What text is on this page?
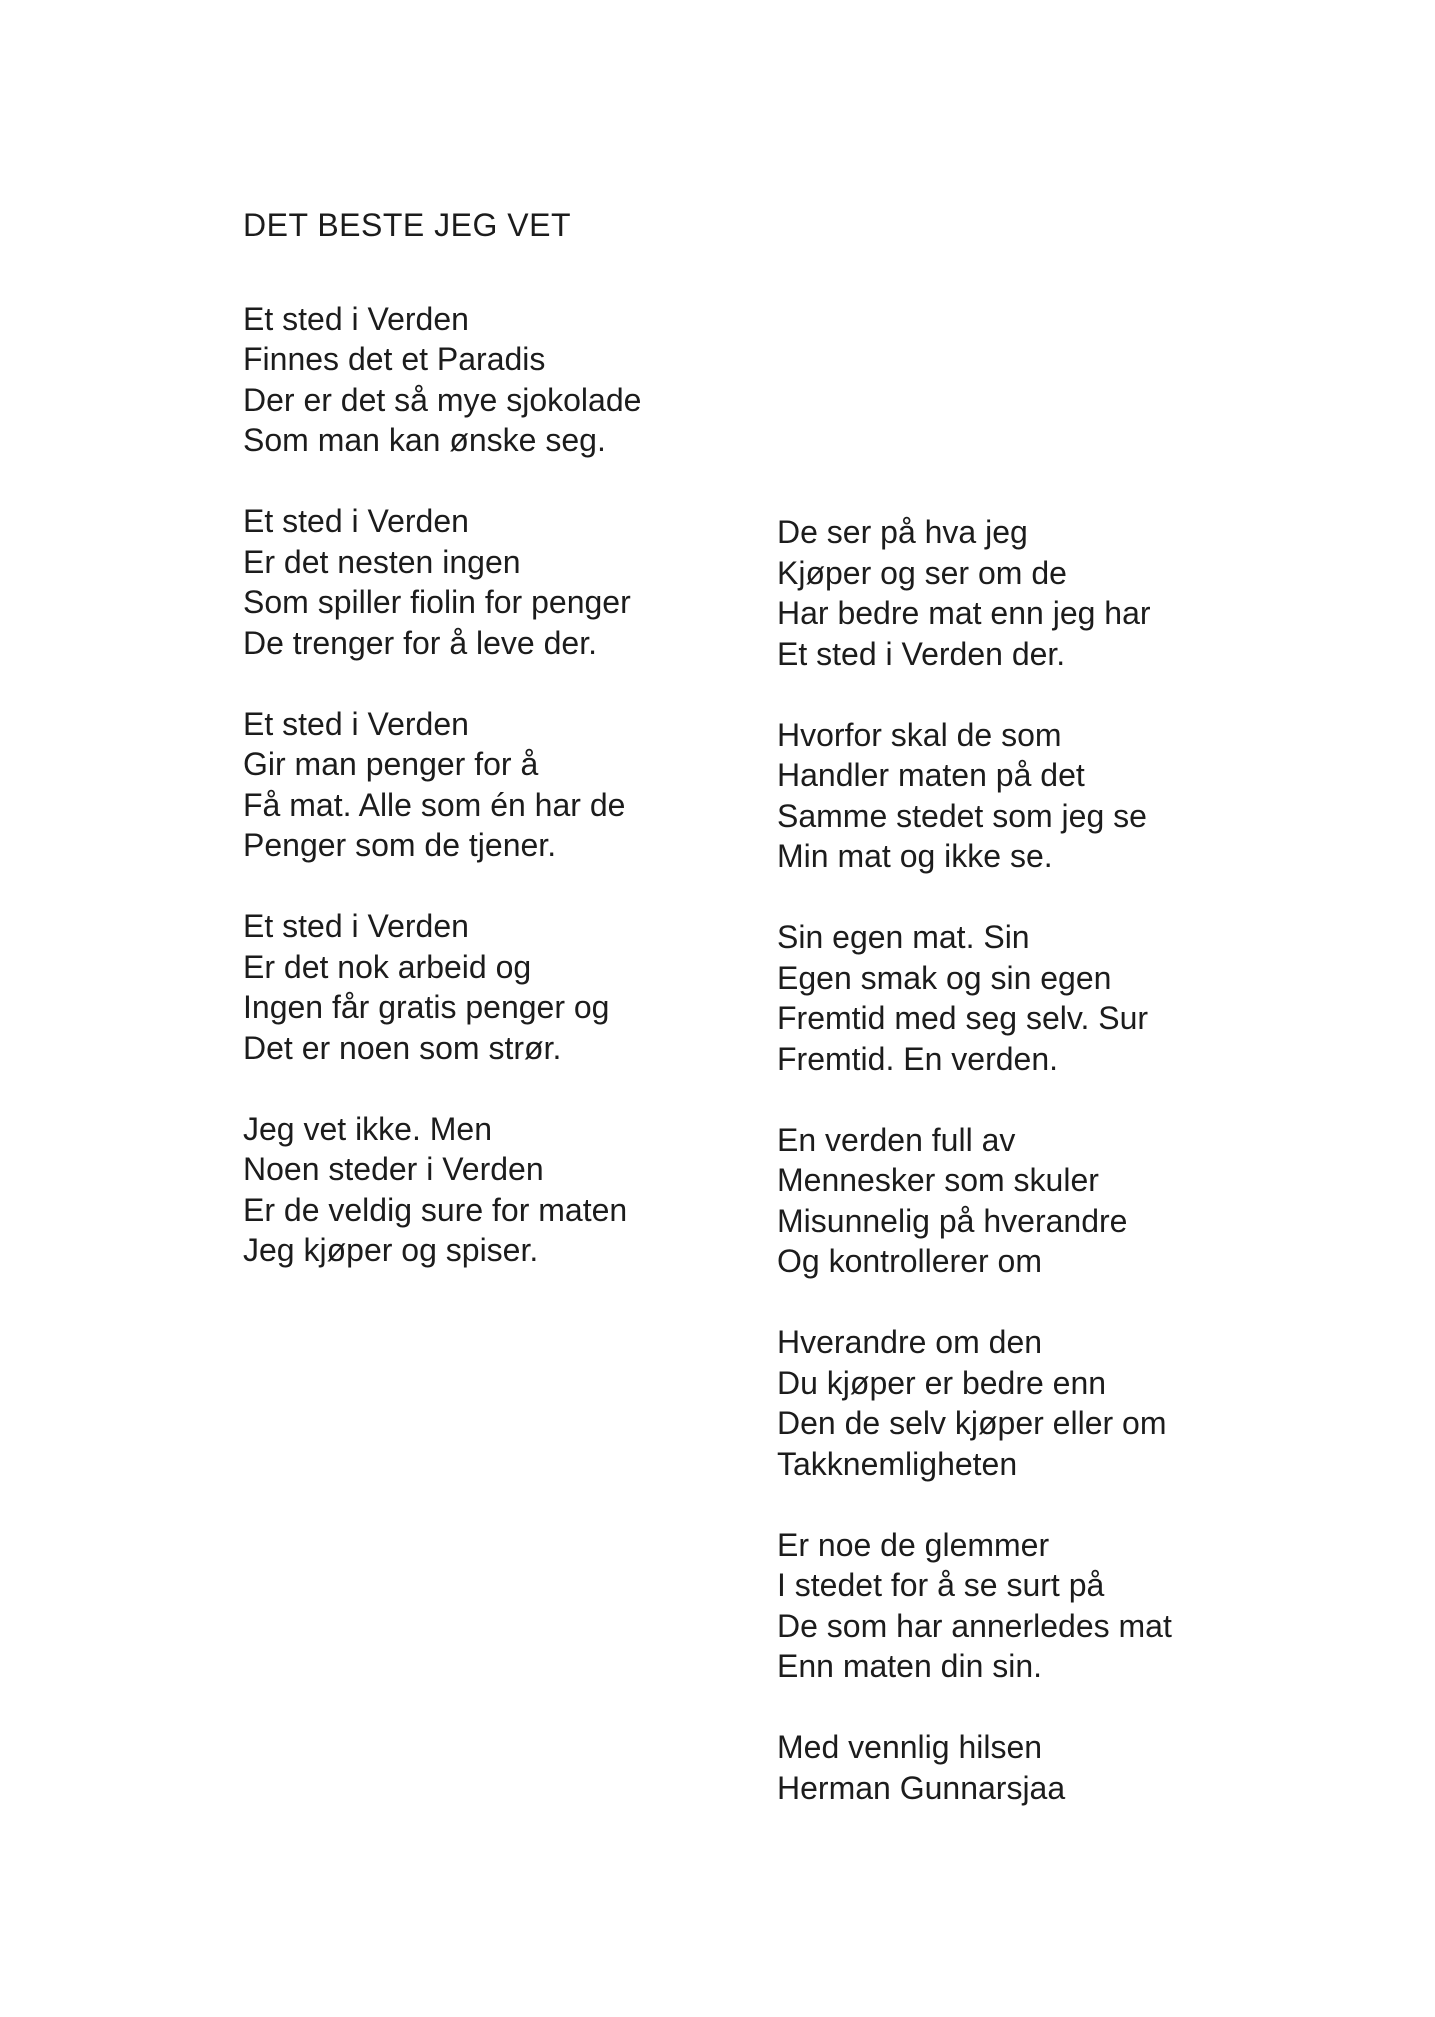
DET BESTE JEG VET

Et sted i Verden
Finnes det et Paradis
Der er det så mye sjokolade
Som man kan ønske seg.
Et sted i Verden
Er det nesten ingen
Som spiller fiolin for penger
De trenger for å leve der.
Et sted i Verden
Gir man penger for å
Få mat. Alle som én har de
Penger som de tjener.
Et sted i Verden
Er det nok arbeid og
Ingen får gratis penger og
Det er noen som strør.
Jeg vet ikke. Men
Noen steder i Verden
Er de veldig sure for maten
Jeg kjøper og spiser.
De ser på hva jeg
Kjøper og ser om de
Har bedre mat enn jeg har
Et sted i Verden der.
Hvorfor skal de som
Handler maten på det
Samme stedet som jeg se
Min mat og ikke se.
Sin egen mat. Sin
Egen smak og sin egen
Fremtid med seg selv. Sur
Fremtid. En verden.
En verden full av
Mennesker som skuler
Misunnelig på hverandre
Og kontrollerer om
Hverandre om den
Du kjøper er bedre enn
Den de selv kjøper eller om
Takknemligheten
Er noe de glemmer
I stedet for å se surt på
De som har annerledes mat
Enn maten din sin.
Med vennlig hilsen
Herman Gunnarsjaa
